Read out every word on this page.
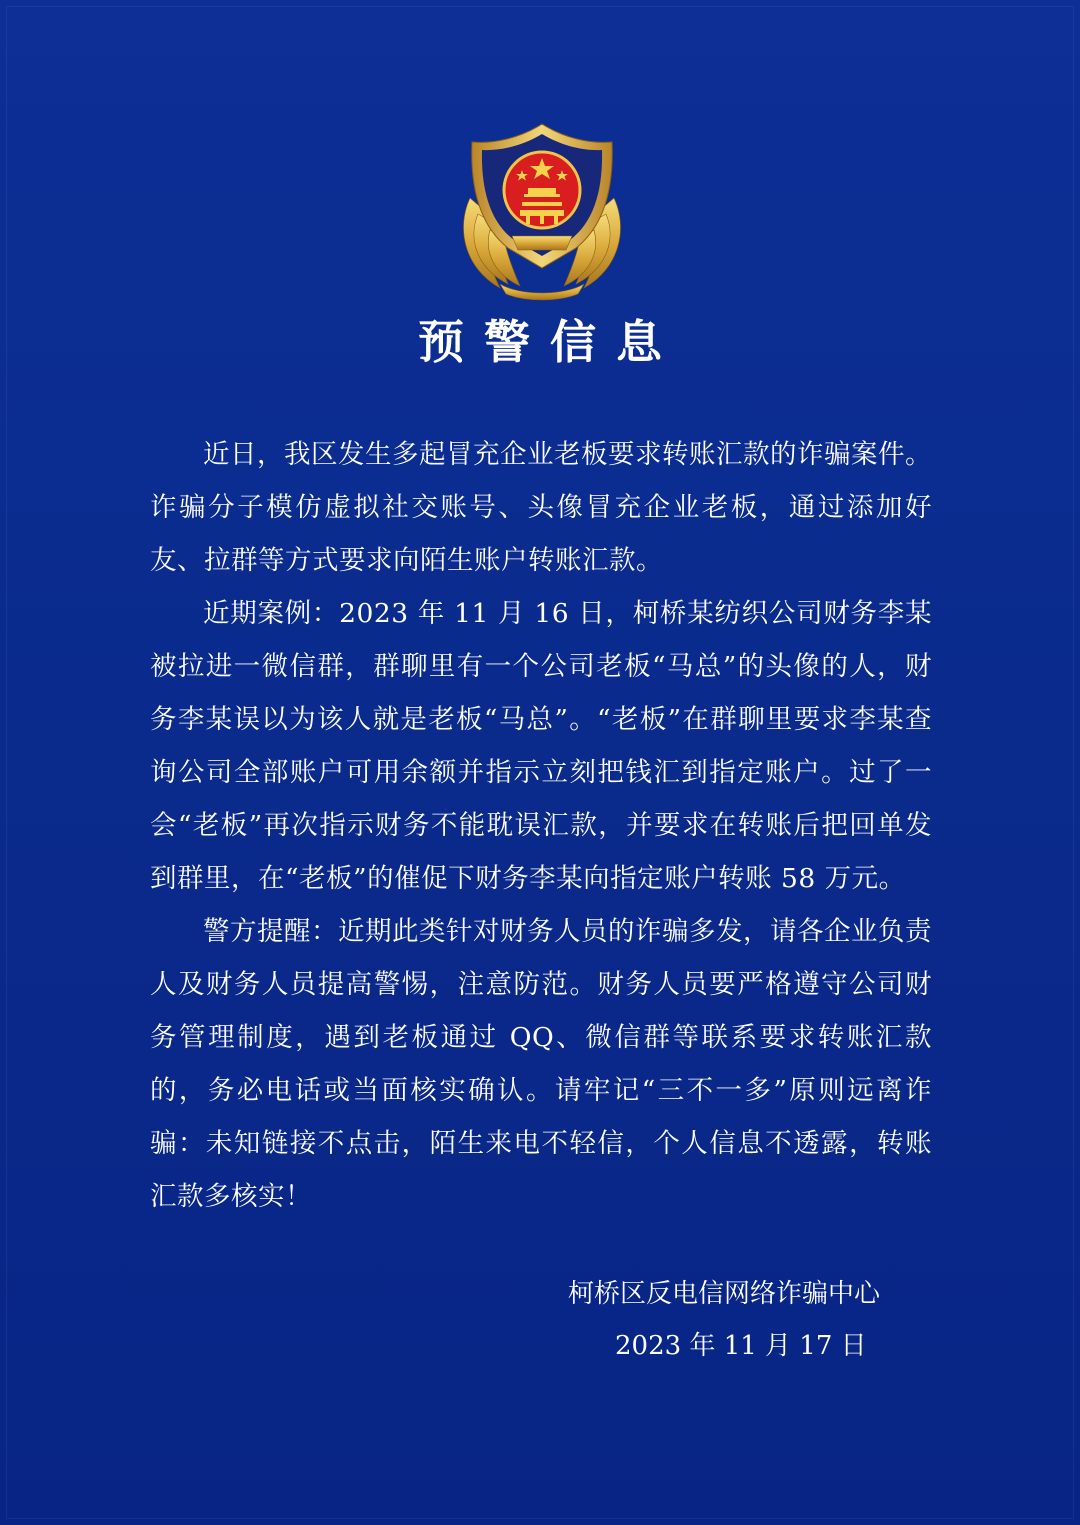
预警信息

近日，我区发生多起冒充企业老板要求转账汇款的诈骗案件。诈骗分子模仿虚拟社交账号、头像冒充企业老板，通过添加好友、拉群等方式要求向陌生账户转账汇款。

近期案例：2023 年 11 月 16 日，柯桥某纺织公司财务李某被拉进一微信群，群聊里有一个公司老板“马总”的头像的人，财务李某误以为该人就是老板“马总”。“老板”在群聊里要求李某查询公司全部账户可用余额并指示立刻把钱汇到指定账户。过了一会“老板”再次指示财务不能耽误汇款，并要求在转账后把回单发到群里，在“老板”的催促下财务李某向指定账户转账 58 万元。

警方提醒：近期此类针对财务人员的诈骗多发，请各企业负责人及财务人员提高警惕，注意防范。财务人员要严格遵守公司财务管理制度，遇到老板通过 QQ、微信群等联系要求转账汇款的，务必电话或当面核实确认。请牢记“三不一多”原则远离诈骗：未知链接不点击，陌生来电不轻信，个人信息不透露，转账汇款多核实！

柯桥区反电信网络诈骗中心
2023 年 11 月 17 日
